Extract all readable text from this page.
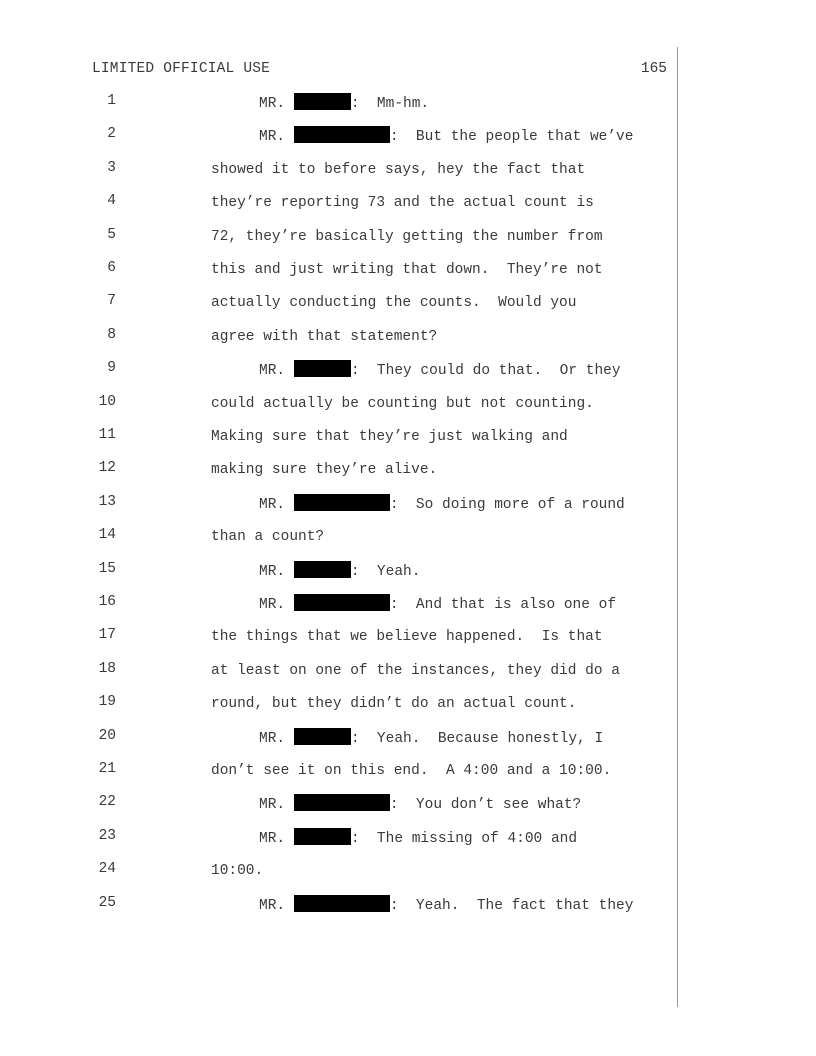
LIMITED OFFICIAL USE	165
1	MR.	:  Mm-hm.
2	MR.	:  But the people that we’ve
3	showed it to before says, hey the fact that
4	they’re reporting 73 and the actual count is
5	72, they’re basically getting the number from
6	this and just writing that down.  They’re not
7	actually conducting the counts.  Would you
8	agree with that statement?
9	MR.	:  They could do that.  Or they
10	could actually be counting but not counting.
11	Making sure that they’re just walking and
12	making sure they’re alive.
13	MR.	:  So doing more of a round
14	than a count?
15	MR.	:  Yeah.
16	MR.	:  And that is also one of
17	the things that we believe happened.  Is that
18	at least on one of the instances, they did do a
19	round, but they didn’t do an actual count.
20	MR.	:  Yeah.  Because honestly, I
21	don’t see it on this end.  A 4:00 and a 10:00.
22	MR.	:  You don’t see what?
23	MR.	:  The missing of 4:00 and
24	10:00.
25	MR.	:  Yeah.  The fact that they
